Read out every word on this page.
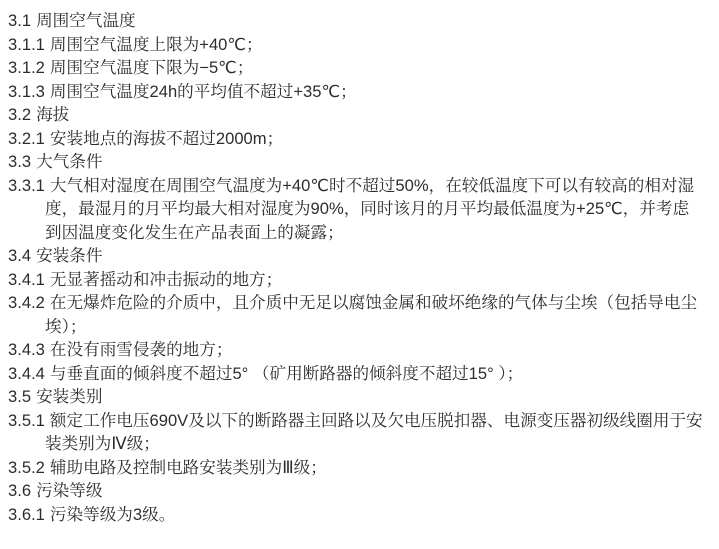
3.1 周围空气温度

3.1.1 周围空气温度上限为+40℃；

3.1.2 周围空气温度下限为−5℃；

3.1.3 周围空气温度24h的平均值不超过+35℃；

3.2 海拔

3.2.1 安装地点的海拔不超过2000m；

3.3 大气条件

3.3.1 大气相对湿度在周围空气温度为+40℃时不超过50%，在较低温度下可以有较高的相对湿度，最湿月的月平均最大相对湿度为90%，同时该月的月平均最低温度为+25℃，并考虑到因温度变化发生在产品表面上的凝露；

3.4 安装条件

3.4.1 无显著摇动和冲击振动的地方；

3.4.2 在无爆炸危险的介质中，且介质中无足以腐蚀金属和破坏绝缘的气体与尘埃（包括导电尘埃）；

3.4.3 在没有雨雪侵袭的地方；

3.4.4 与垂直面的倾斜度不超过5° （矿用断路器的倾斜度不超过15° ）；

3.5 安装类别

3.5.1 额定工作电压690V及以下的断路器主回路以及欠电压脱扣器、电源变压器初级线圈用于安装类别为Ⅳ级；

3.5.2 辅助电路及控制电路安装类别为Ⅲ级；

3.6 污染等级

3.6.1 污染等级为3级。
